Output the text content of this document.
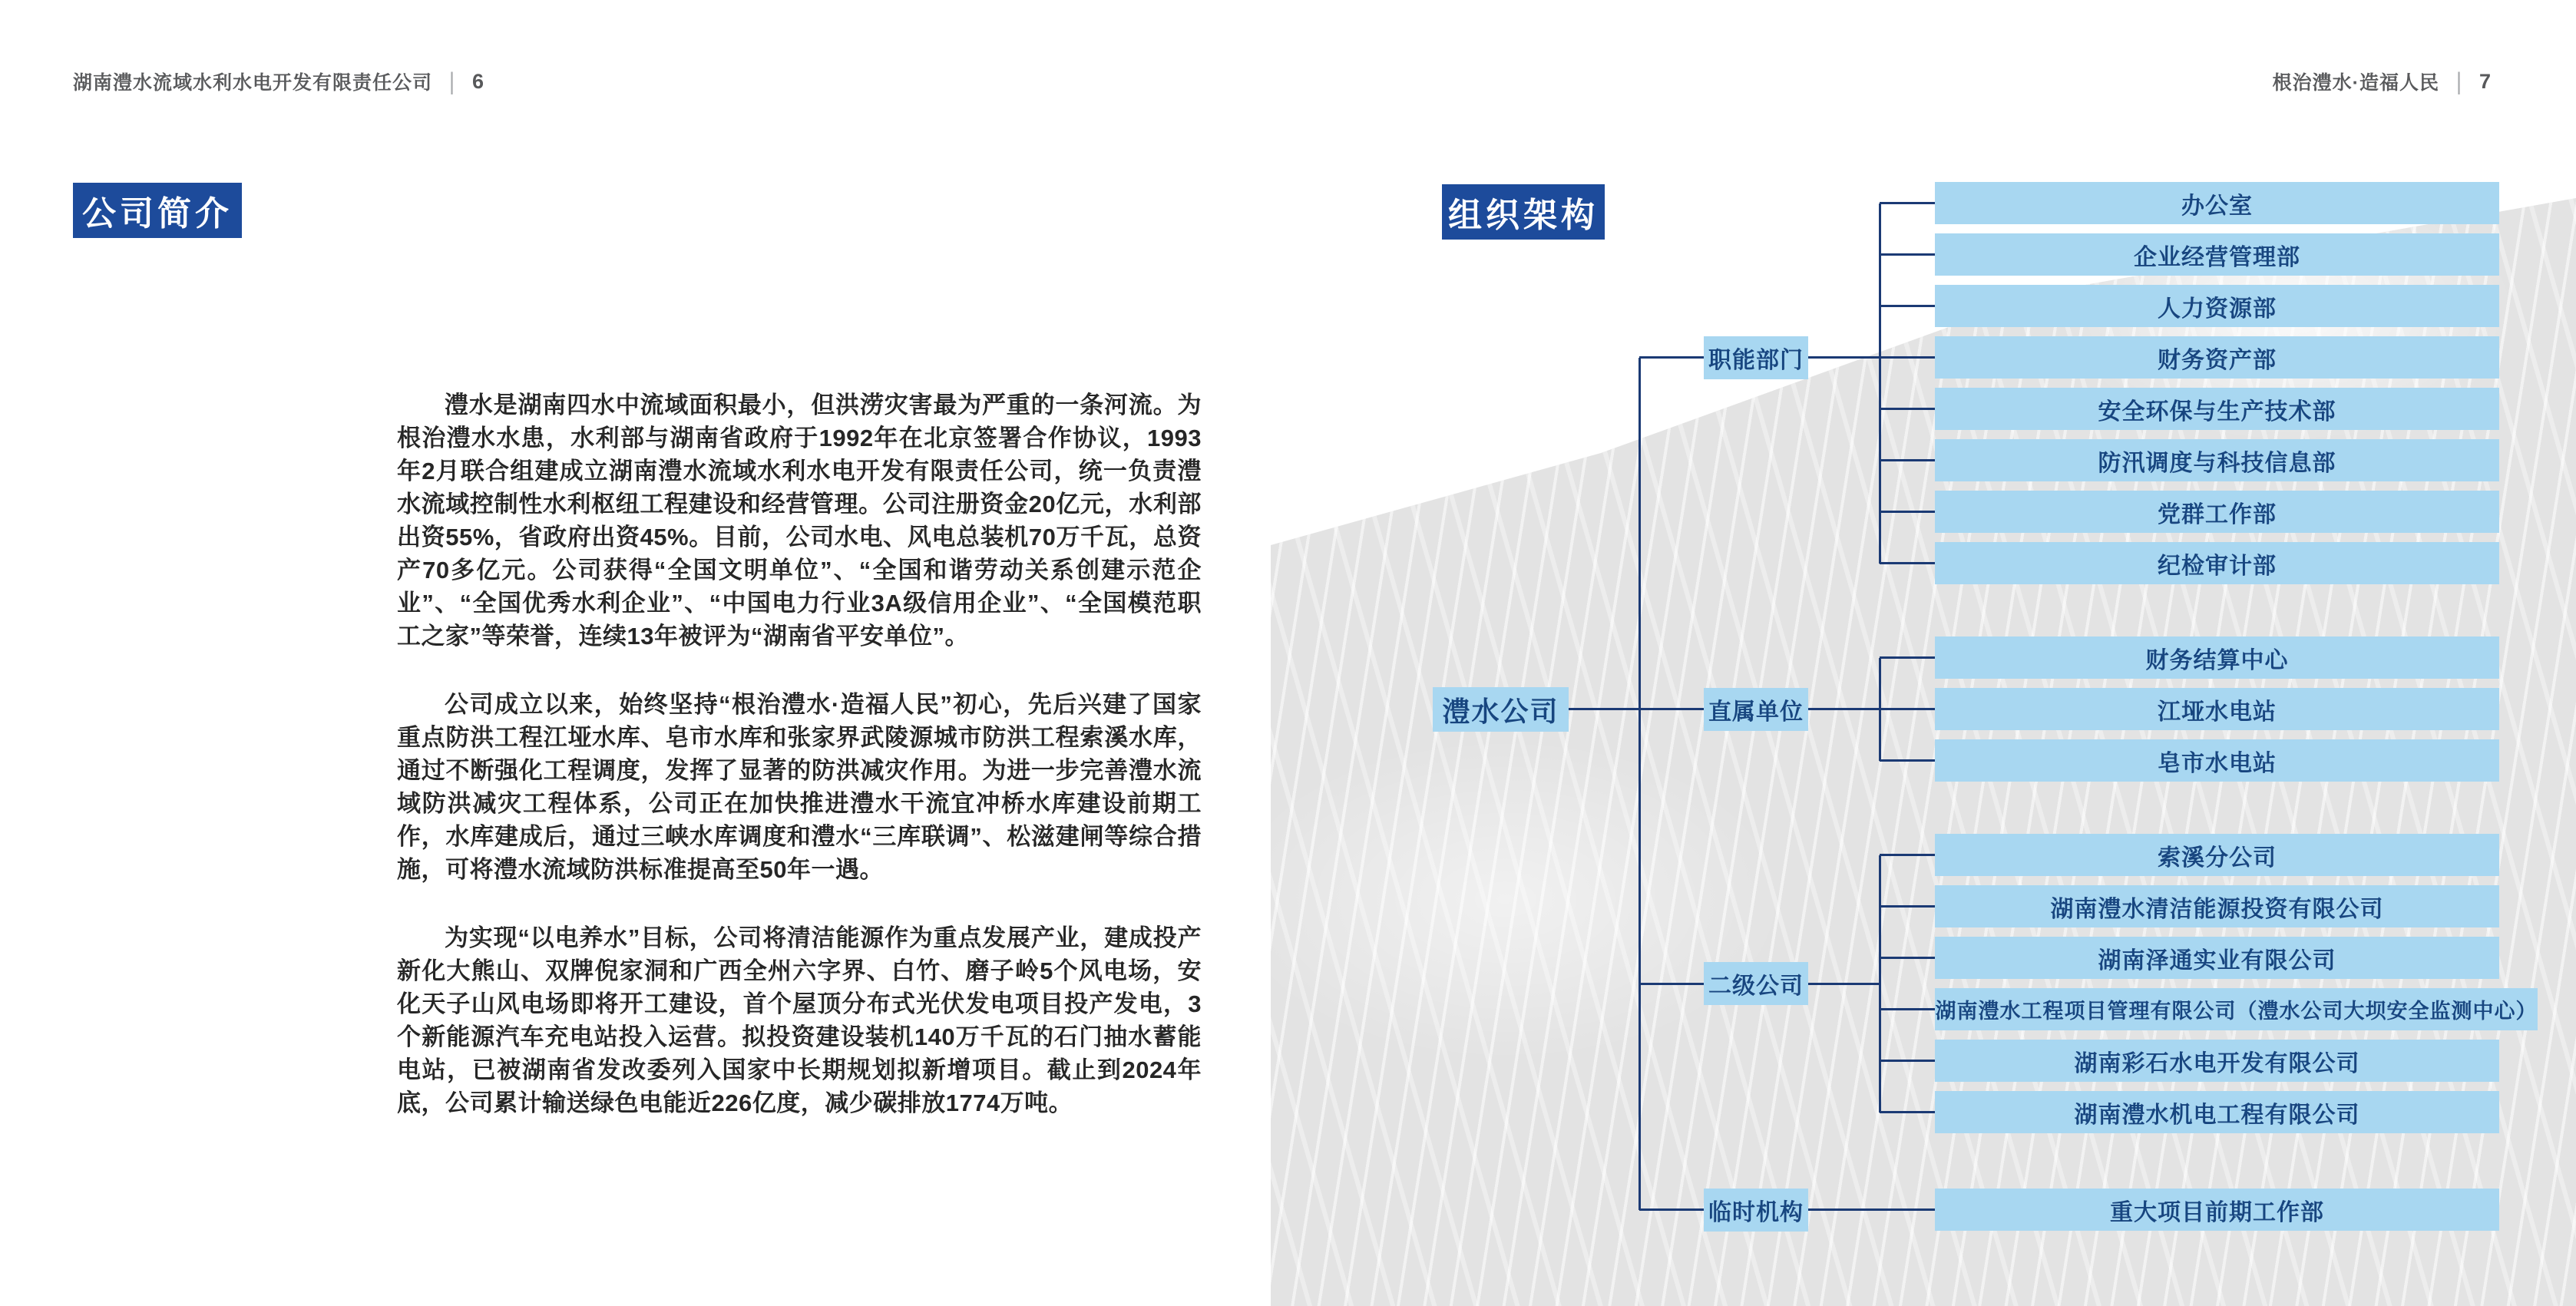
湖南澧水流域水利水电开发有限责任公司 | 6	根治澧水·造福人民 | 7
公司简介

澧水是湖南四水中流域面积最小，但洪涝灾害最为严重的一条河流。为根治澧水水患，水利部与湖南省政府于1992年在北京签署合作协议，1993年2月联合组建成立湖南澧水流域水利水电开发有限责任公司，统一负责澧水流域控制性水利枢纽工程建设和经营管理。公司注册资金20亿元，水利部出资55%，省政府出资45%。目前，公司水电、风电总装机70万千瓦，总资产70多亿元。公司获得“全国文明单位”、“全国和谐劳动关系创建示范企业”、“全国优秀水利企业”、“中国电力行业3A级信用企业”、“全国模范职工之家”等荣誉，连续13年被评为“湖南省平安单位”。

公司成立以来，始终坚持“根治澧水·造福人民”初心，先后兴建了国家重点防洪工程江垭水库、皂市水库和张家界武陵源城市防洪工程索溪水库，通过不断强化工程调度，发挥了显著的防洪减灾作用。为进一步完善澧水流域防洪减灾工程体系，公司正在加快推进澧水干流宜冲桥水库建设前期工作，水库建成后，通过三峡水库调度和澧水“三库联调”、松滋建闸等综合措施，可将澧水流域防洪标准提高至50年一遇。

为实现“以电养水”目标，公司将清洁能源作为重点发展产业，建成投产新化大熊山、双牌倪家洞和广西全州六字界、白竹、磨子岭5个风电场，安化天子山风电场即将开工建设，首个屋顶分布式光伏发电项目投产发电，3个新能源汽车充电站投入运营。拟投资建设装机140万千瓦的石门抽水蓄能电站，已被湖南省发改委列入国家中长期规划拟新增项目。截止到2024年底，公司累计输送绿色电能近226亿度，减少碳排放1774万吨。

组织架构
澧水公司
职能部门
办公室
企业经营管理部
人力资源部
财务资产部
安全环保与生产技术部
防汛调度与科技信息部
党群工作部
纪检审计部
直属单位
财务结算中心
江垭水电站
皂市水电站
二级公司
索溪分公司
湖南澧水清洁能源投资有限公司
湖南泽通实业有限公司
湖南澧水工程项目管理有限公司（澧水公司大坝安全监测中心）
湖南彩石水电开发有限公司
湖南澧水机电工程有限公司
临时机构	重大项目前期工作部
